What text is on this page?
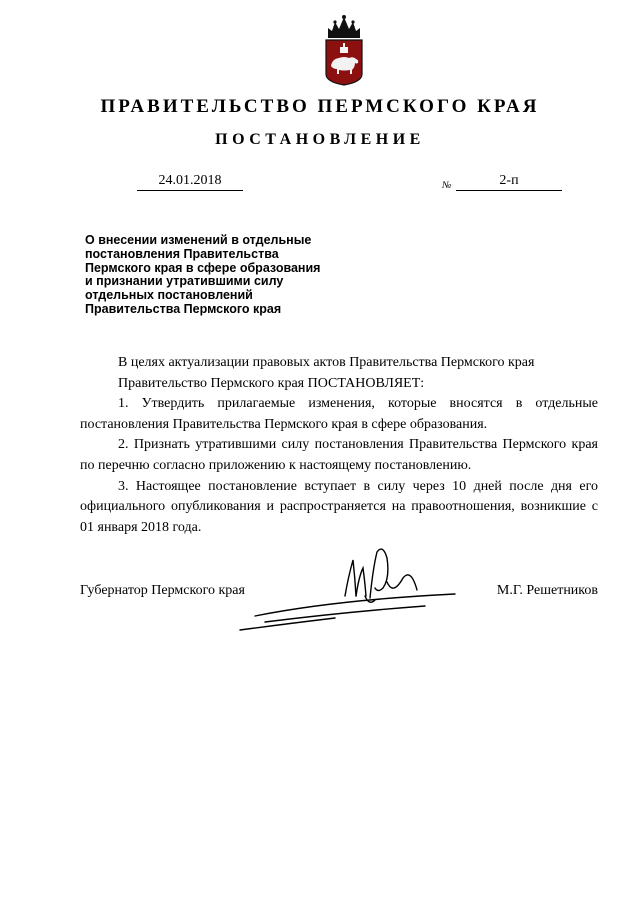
ПРАВИТЕЛЬСТВО ПЕРМСКОГО КРАЯ
ПОСТАНОВЛЕНИЕ
24.01.2018	№	2-п
О внесении изменений в отдельные
постановления Правительства
Пермского края в сфере образования
и признании утратившими силу
отдельных постановлений
Правительства Пермского края

В целях актуализации правовых актов Правительства Пермского края

Правительство Пермского края ПОСТАНОВЛЯЕТ:

1. Утвердить прилагаемые изменения, которые вносятся в отдельные постановления Правительства Пермского края в сфере образования.

2. Признать утратившими силу постановления Правительства Пермского края по перечню согласно приложению к настоящему постановлению.

3. Настоящее постановление вступает в силу через 10 дней после дня его официального опубликования и распространяется на правоотношения, возникшие с 01 января 2018 года.

Губернатор Пермского края	М.Г. Решетников
